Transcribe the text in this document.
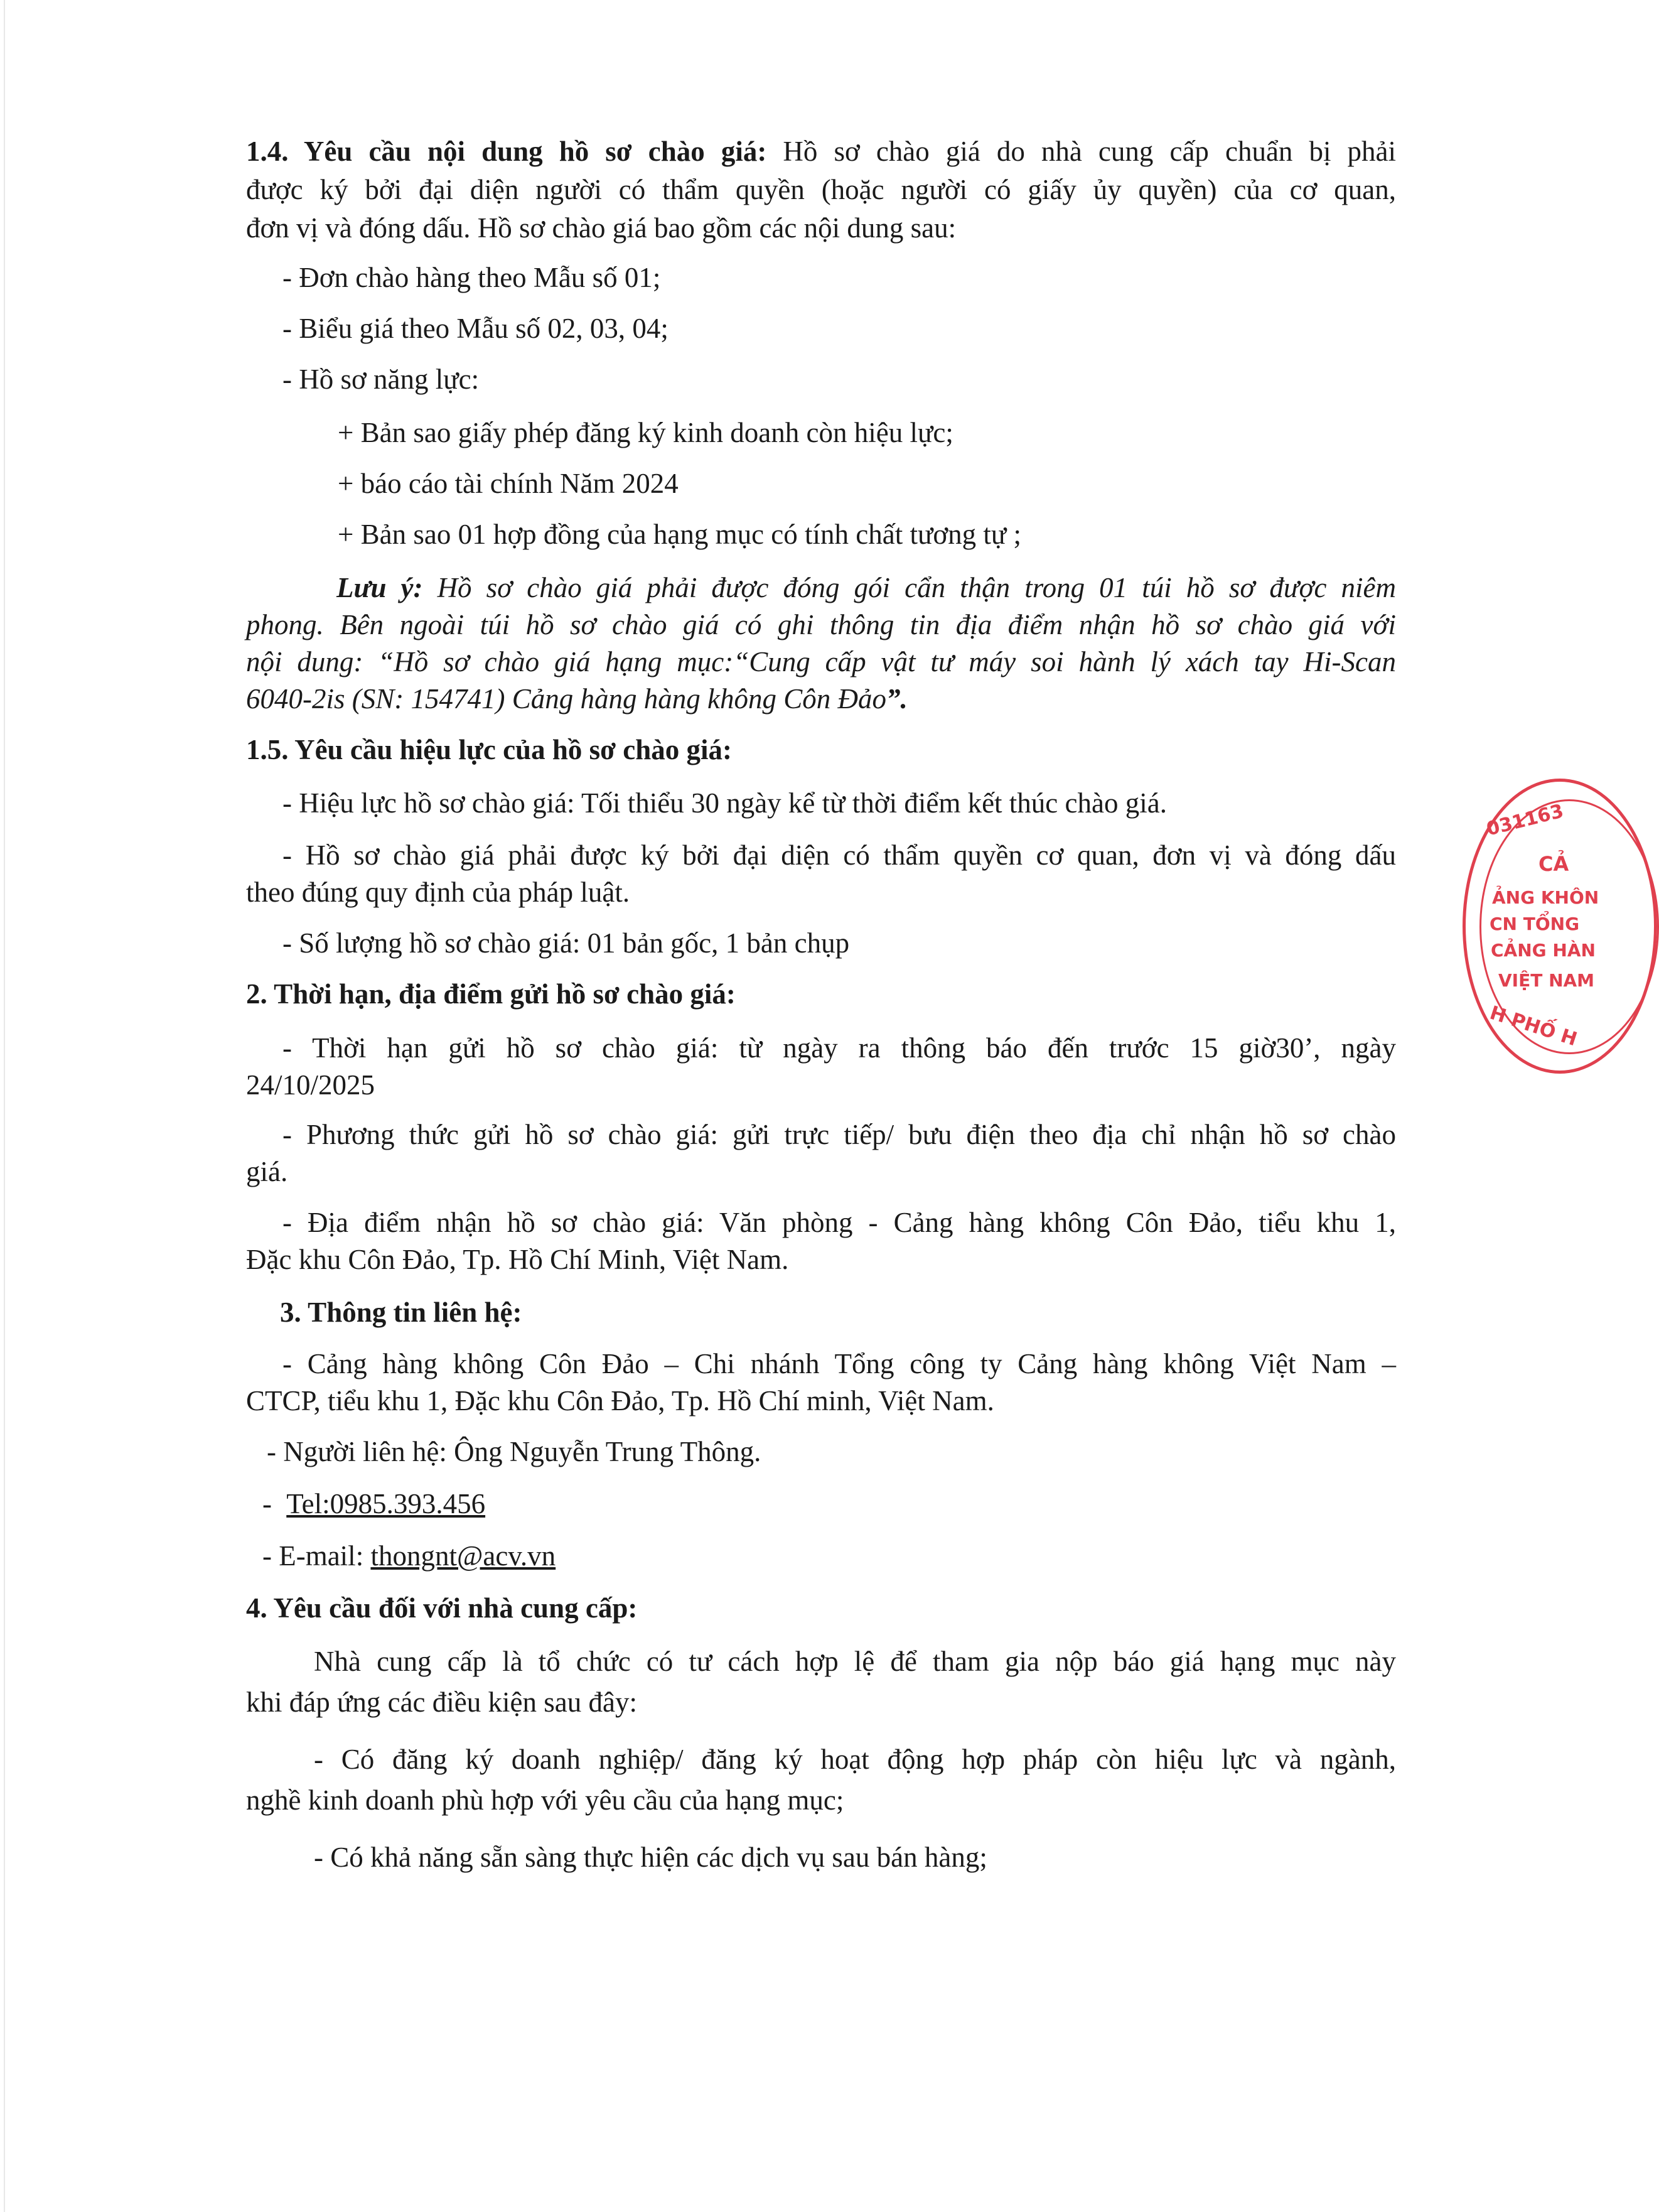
1.4. Yêu cầu nội dung hồ sơ chào giá: Hồ sơ chào giá do nhà cung cấp chuẩn bị phải
được ký bởi đại diện người có thẩm quyền (hoặc người có giấy ủy quyền) của cơ quan,
đơn vị và đóng dấu. Hồ sơ chào giá bao gồm các nội dung sau:
- Đơn chào hàng theo Mẫu số 01;
- Biểu giá theo Mẫu số 02, 03, 04;
- Hồ sơ năng lực:
+ Bản sao giấy phép đăng ký kinh doanh còn hiệu lực;
+ báo cáo tài chính Năm 2024
+ Bản sao 01 hợp đồng của hạng mục có tính chất tương tự ;
Lưu ý: Hồ sơ chào giá phải được đóng gói cẩn thận trong 01 túi hồ sơ được niêm
phong. Bên ngoài túi hồ sơ chào giá có ghi thông tin địa điểm nhận hồ sơ chào giá với
nội dung: “Hồ sơ chào giá hạng mục:“Cung cấp vật tư máy soi hành lý xách tay Hi-Scan
6040-2is (SN: 154741) Cảng hàng hàng không Côn Đảo”.
1.5. Yêu cầu hiệu lực của hồ sơ chào giá:
- Hiệu lực hồ sơ chào giá: Tối thiểu 30 ngày kể từ thời điểm kết thúc chào giá.
- Hồ sơ chào giá phải được ký bởi đại diện có thẩm quyền cơ quan, đơn vị và đóng dấu
theo đúng quy định của pháp luật.
- Số lượng hồ sơ chào giá: 01 bản gốc, 1 bản chụp
2. Thời hạn, địa điểm gửi hồ sơ chào giá:
- Thời hạn gửi hồ sơ chào giá: từ ngày ra thông báo đến trước 15 giờ30’, ngày
24/10/2025
- Phương thức gửi hồ sơ chào giá: gửi trực tiếp/ bưu điện theo địa chỉ nhận hồ sơ chào
giá.
- Địa điểm nhận hồ sơ chào giá: Văn phòng - Cảng hàng không Côn Đảo, tiểu khu 1,
Đặc khu Côn Đảo, Tp. Hồ Chí Minh, Việt Nam.
3. Thông tin liên hệ:
- Cảng hàng không Côn Đảo – Chi nhánh Tổng công ty Cảng hàng không Việt Nam –
CTCP, tiểu khu 1, Đặc khu Côn Đảo, Tp. Hồ Chí minh, Việt Nam.
- Người liên hệ: Ông Nguyễn Trung Thông.
- Tel:0985.393.456
- E-mail: thongnt@acv.vn
4. Yêu cầu đối với nhà cung cấp:
Nhà cung cấp là tổ chức có tư cách hợp lệ để tham gia nộp báo giá hạng mục này
khi đáp ứng các điều kiện sau đây:
- Có đăng ký doanh nghiệp/ đăng ký hoạt động hợp pháp còn hiệu lực và ngành,
nghề kinh doanh phù hợp với yêu cầu của hạng mục;
- Có khả năng sẵn sàng thực hiện các dịch vụ sau bán hàng;
031163
CẢ
ẢNG KHÔN
CN TỔNG
CẢNG HÀN
VIỆT NAM
H PHỐ H
